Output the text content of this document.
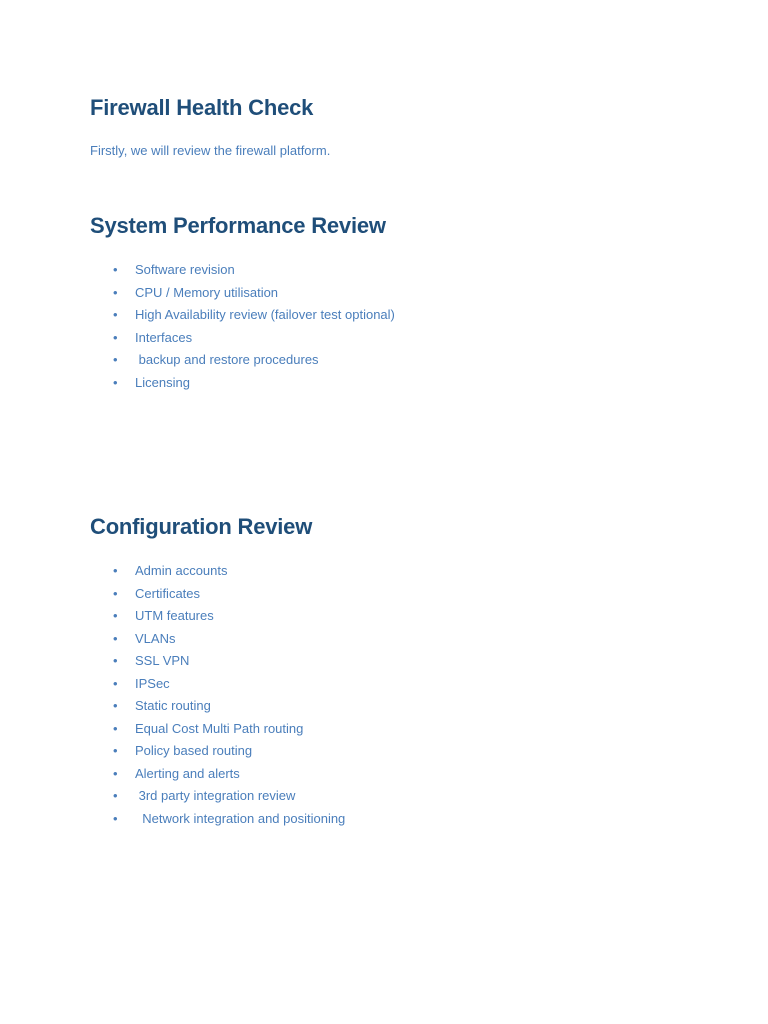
Firewall Health Check

Firstly, we will review the firewall platform.

System Performance Review
• Software revision
• CPU / Memory utilisation
• High Availability review (failover test optional)
• Interfaces
• backup and restore procedures
• Licensing
Configuration Review
• Admin accounts
• Certificates
• UTM features
• VLANs
• SSL VPN
• IPSec
• Static routing
• Equal Cost Multi Path routing
• Policy based routing
• Alerting and alerts
• 3rd party integration review
• Network integration and positioning
